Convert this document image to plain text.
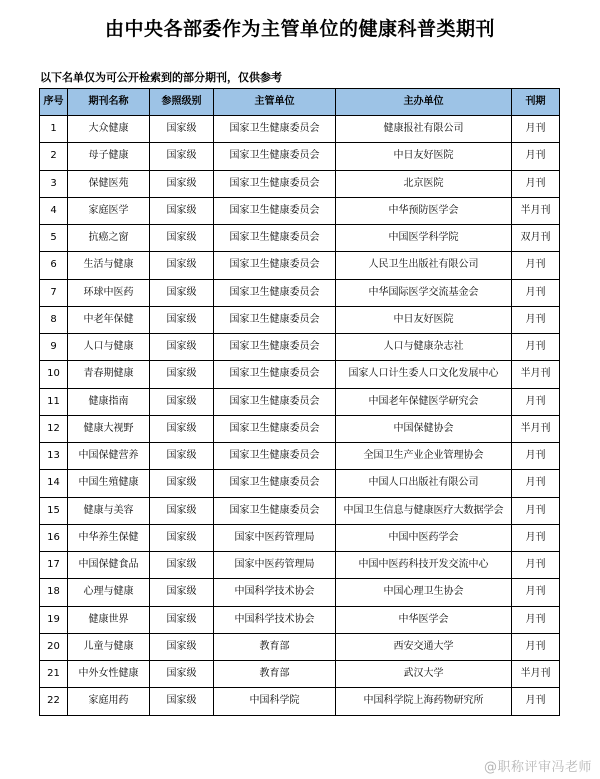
由中央各部委作为主管单位的健康科普类期刊
以下名单仅为可公开检索到的部分期刊，仅供参考
序号	期刊名称	参照级别	主管单位	主办单位	刊期
1	大众健康	国家级	国家卫生健康委员会	健康报社有限公司	月刊
2	母子健康	国家级	国家卫生健康委员会	中日友好医院	月刊
3	保健医苑	国家级	国家卫生健康委员会	北京医院	月刊
4	家庭医学	国家级	国家卫生健康委员会	中华预防医学会	半月刊
5	抗癌之窗	国家级	国家卫生健康委员会	中国医学科学院	双月刊
6	生活与健康	国家级	国家卫生健康委员会	人民卫生出版社有限公司	月刊
7	环球中医药	国家级	国家卫生健康委员会	中华国际医学交流基金会	月刊
8	中老年保健	国家级	国家卫生健康委员会	中日友好医院	月刊
9	人口与健康	国家级	国家卫生健康委员会	人口与健康杂志社	月刊
10	青春期健康	国家级	国家卫生健康委员会	国家人口计生委人口文化发展中心	半月刊
11	健康指南	国家级	国家卫生健康委员会	中国老年保健医学研究会	月刊
12	健康大视野	国家级	国家卫生健康委员会	中国保健协会	半月刊
13	中国保健营养	国家级	国家卫生健康委员会	全国卫生产业企业管理协会	月刊
14	中国生殖健康	国家级	国家卫生健康委员会	中国人口出版社有限公司	月刊
15	健康与美容	国家级	国家卫生健康委员会	中国卫生信息与健康医疗大数据学会	月刊
16	中华养生保健	国家级	国家中医药管理局	中国中医药学会	月刊
17	中国保健食品	国家级	国家中医药管理局	中国中医药科技开发交流中心	月刊
18	心理与健康	国家级	中国科学技术协会	中国心理卫生协会	月刊
19	健康世界	国家级	中国科学技术协会	中华医学会	月刊
20	儿童与健康	国家级	教育部	西安交通大学	月刊
21	中外女性健康	国家级	教育部	武汉大学	半月刊
22	家庭用药	国家级	中国科学院	中国科学院上海药物研究所	月刊
@职称评审冯老师
